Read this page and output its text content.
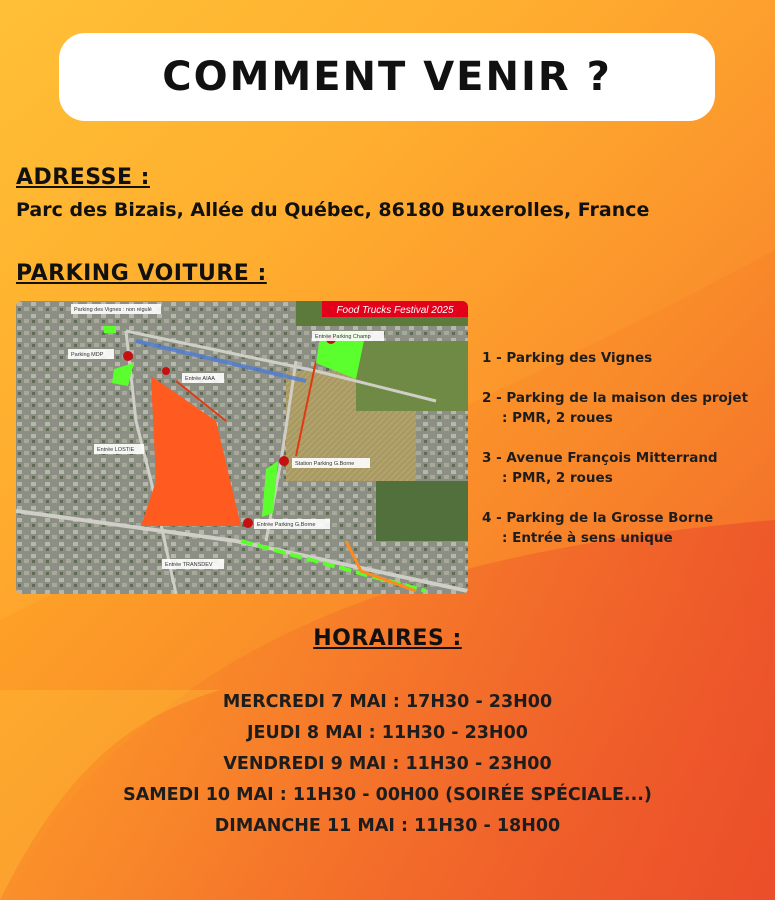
COMMENT VENIR ?
ADRESSE :

Parc des Bizais, Allée du Québec, 86180 Buxerolles, France

PARKING VOITURE :
Food Trucks Festival 2025
Parking des Vignes : non régulé
Parking MDP
Entrée AIAA
Entrée Parking Champ
Entrée LOSTIE
Station Parking G.Borne
Entrée Parking G.Borne
Entrée TRANSDEV
1 - Parking des Vignes
2 - Parking de la maison des projet
: PMR, 2 roues
3 - Avenue François Mitterrand
: PMR, 2 roues
4 - Parking de la Grosse Borne
: Entrée à sens unique
HORAIRES :
MERCREDI 7 MAI : 17H30 - 23H00
JEUDI 8 MAI : 11H30 - 23H00
VENDREDI 9 MAI : 11H30 - 23H00
SAMEDI 10 MAI : 11H30 - 00H00 (SOIRÉE SPÉCIALE...)
DIMANCHE 11 MAI : 11H30 - 18H00
